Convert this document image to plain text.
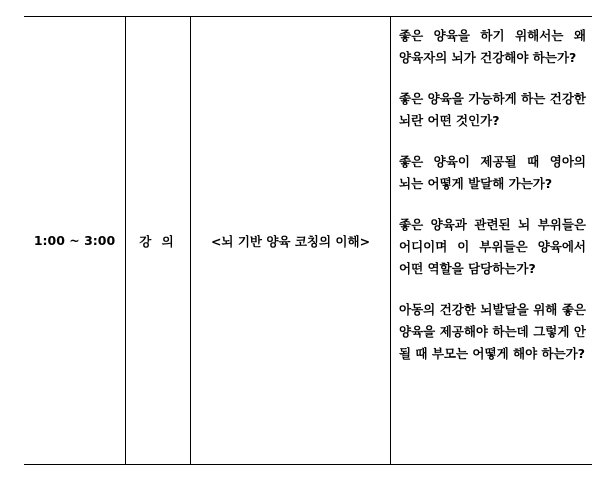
1:00 ~ 3:00	강 의	<뇌 기반 양육 코칭의 이해>	
좋은 양육을 하기 위해서는 왜 양육자의 뇌가 건강해야 하는가?
좋은 양육을 가능하게 하는 건강한 뇌란 어떤 것인가?
좋은 양육이 제공될 때 영아의 뇌는 어떻게 발달해 가는가?
좋은 양육과 관련된 뇌 부위들은 어디이며 이 부위들은 양육에서 어떤 역할을 담당하는가?
아동의 건강한 뇌발달을 위해 좋은 양육을 제공해야 하는데 그렇게 안 될 때 부모는 어떻게 해야 하는가?
